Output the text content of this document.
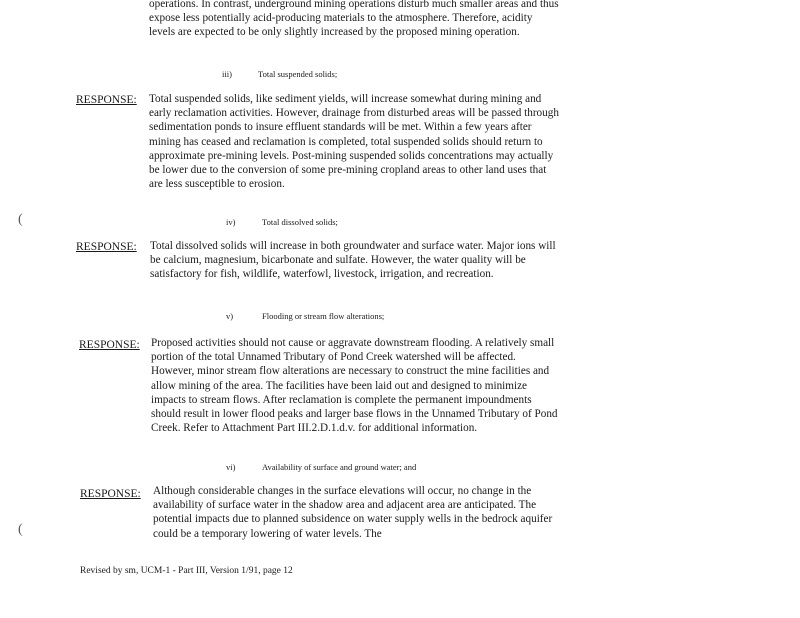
operations. In contrast, underground mining operations disturb much smaller areas and thus expose less potentially acid-producing materials to the atmosphere. Therefore, acidity levels are expected to be only slightly increased by the proposed mining operation.

iii)	Total suspended solids;

RESPONSE: Total suspended solids, like sediment yields, will increase somewhat during mining and early reclamation activities. However, drainage from disturbed areas will be passed through sedimentation ponds to insure effluent standards will be met. Within a few years after mining has ceased and reclamation is completed, total suspended solids should return to approximate pre-mining levels. Post-mining suspended solids concentrations may actually be lower due to the conversion of some pre-mining cropland areas to other land uses that are less susceptible to erosion.

iv)	Total dissolved solids;

RESPONSE: Total dissolved solids will increase in both groundwater and surface water. Major ions will be calcium, magnesium, bicarbonate and sulfate. However, the water quality will be satisfactory for fish, wildlife, waterfowl, livestock, irrigation, and recreation.

v)	Flooding or stream flow alterations;

RESPONSE: Proposed activities should not cause or aggravate downstream flooding. A relatively small portion of the total Unnamed Tributary of Pond Creek watershed will be affected. However, minor stream flow alterations are necessary to construct the mine facilities and allow mining of the area. The facilities have been laid out and designed to minimize impacts to stream flows. After reclamation is complete the permanent impoundments should result in lower flood peaks and larger base flows in the Unnamed Tributary of Pond Creek. Refer to Attachment Part III.2.D.1.d.v. for additional information.

vi)	Availability of surface and ground water; and

RESPONSE: Although considerable changes in the surface elevations will occur, no change in the availability of surface water in the shadow area and adjacent area are anticipated. The potential impacts due to planned subsidence on water supply wells in the bedrock aquifer could be a temporary lowering of water levels. The

Revised by sm, UCM-1 - Part III, Version 1/91, page 12
(
(
